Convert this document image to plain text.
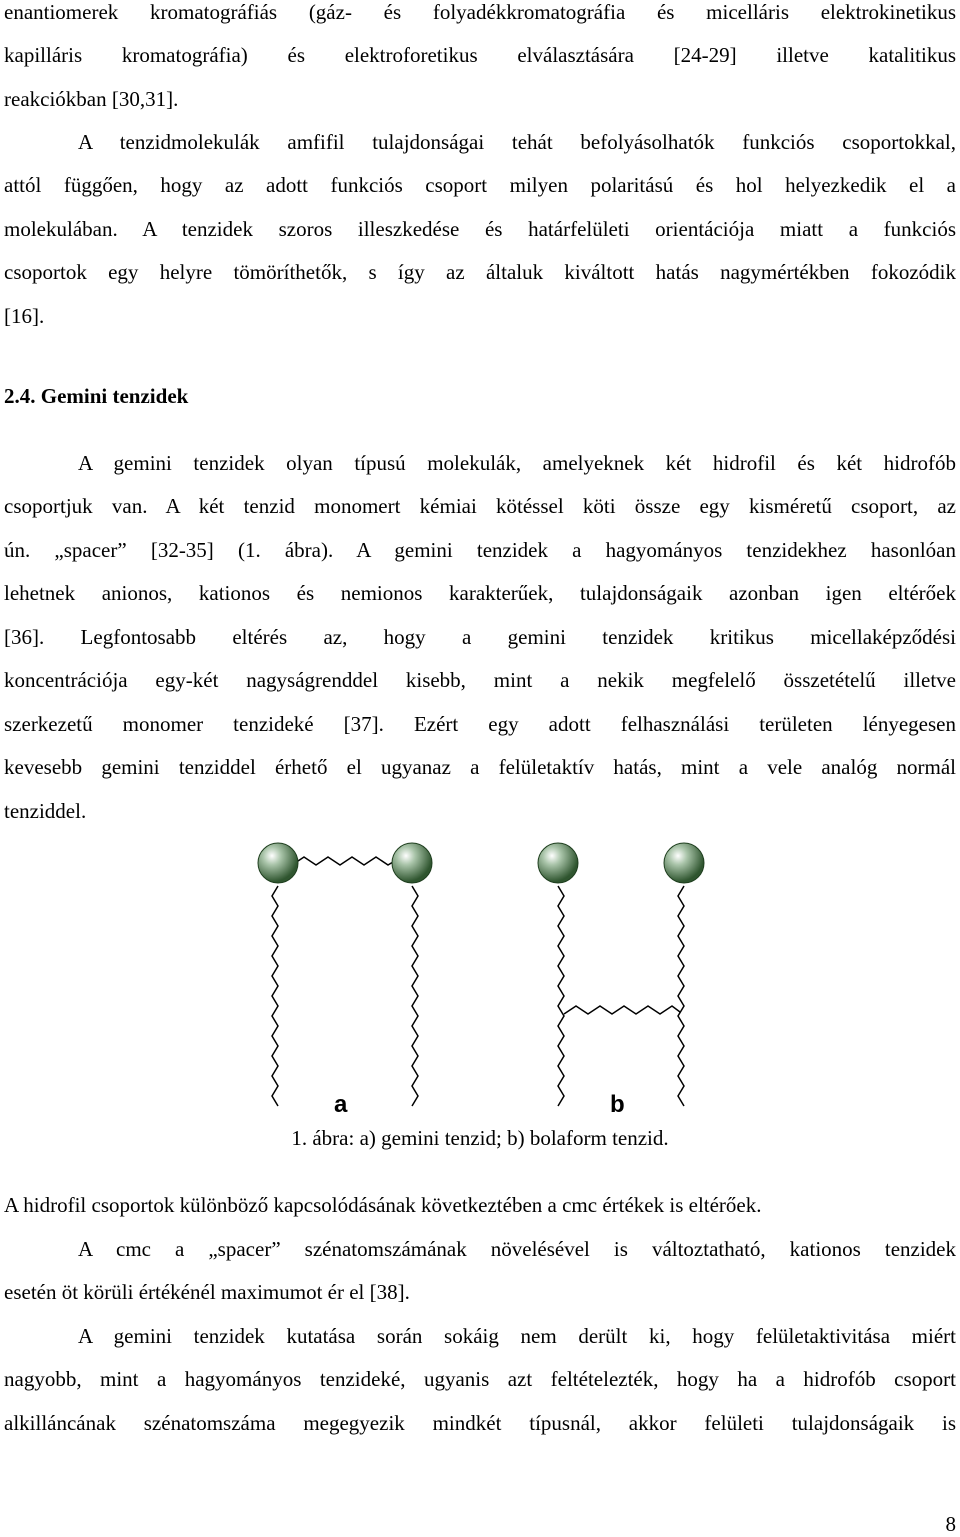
enantiomerek kromatográfiás (gáz- és folyadékkromatográfia és micelláris elektrokinetikus
kapilláris kromatográfia) és elektroforetikus elválasztására [24-29] illetve katalitikus
reakciókban [30,31].
A tenzidmolekulák amfifil tulajdonságai tehát befolyásolhatók funkciós csoportokkal,
attól függően, hogy az adott funkciós csoport milyen polaritású és hol helyezkedik el a
molekulában. A tenzidek szoros illeszkedése és határfelületi orientációja miatt a funkciós
csoportok egy helyre tömöríthetők, s így az általuk kiváltott hatás nagymértékben fokozódik
[16].
2.4. Gemini tenzidek
A gemini tenzidek olyan típusú molekulák, amelyeknek két hidrofil és két hidrofób
csoportjuk van. A két tenzid monomert kémiai kötéssel köti össze egy kisméretű csoport, az
ún. „spacer” [32-35] (1. ábra). A gemini tenzidek a hagyományos tenzidekhez hasonlóan
lehetnek anionos, kationos és nemionos karakterűek, tulajdonságaik azonban igen eltérőek
[36]. Legfontosabb eltérés az, hogy a gemini tenzidek kritikus micellaképződési
koncentrációja egy-két nagyságrenddel kisebb, mint a nekik megfelelő összetételű illetve
szerkezetű monomer tenzideké [37]. Ezért egy adott felhasználási területen lényegesen
kevesebb gemini tenziddel érhető el ugyanaz a felületaktív hatás, mint a vele analóg normál
tenziddel.
a	b
1. ábra: a) gemini tenzid; b) bolaform tenzid.
A hidrofil csoportok különböző kapcsolódásának következtében a cmc értékek is eltérőek.
A cmc a „spacer” szénatomszámának növelésével is változtatható, kationos tenzidek
esetén öt körüli értékénél maximumot ér el [38].
A gemini tenzidek kutatása során sokáig nem derült ki, hogy felületaktivitása miért
nagyobb, mint a hagyományos tenzideké, ugyanis azt feltételezték, hogy ha a hidrofób csoport
alkilláncának szénatomszáma megegyezik mindkét típusnál, akkor felületi tulajdonságaik is
8
